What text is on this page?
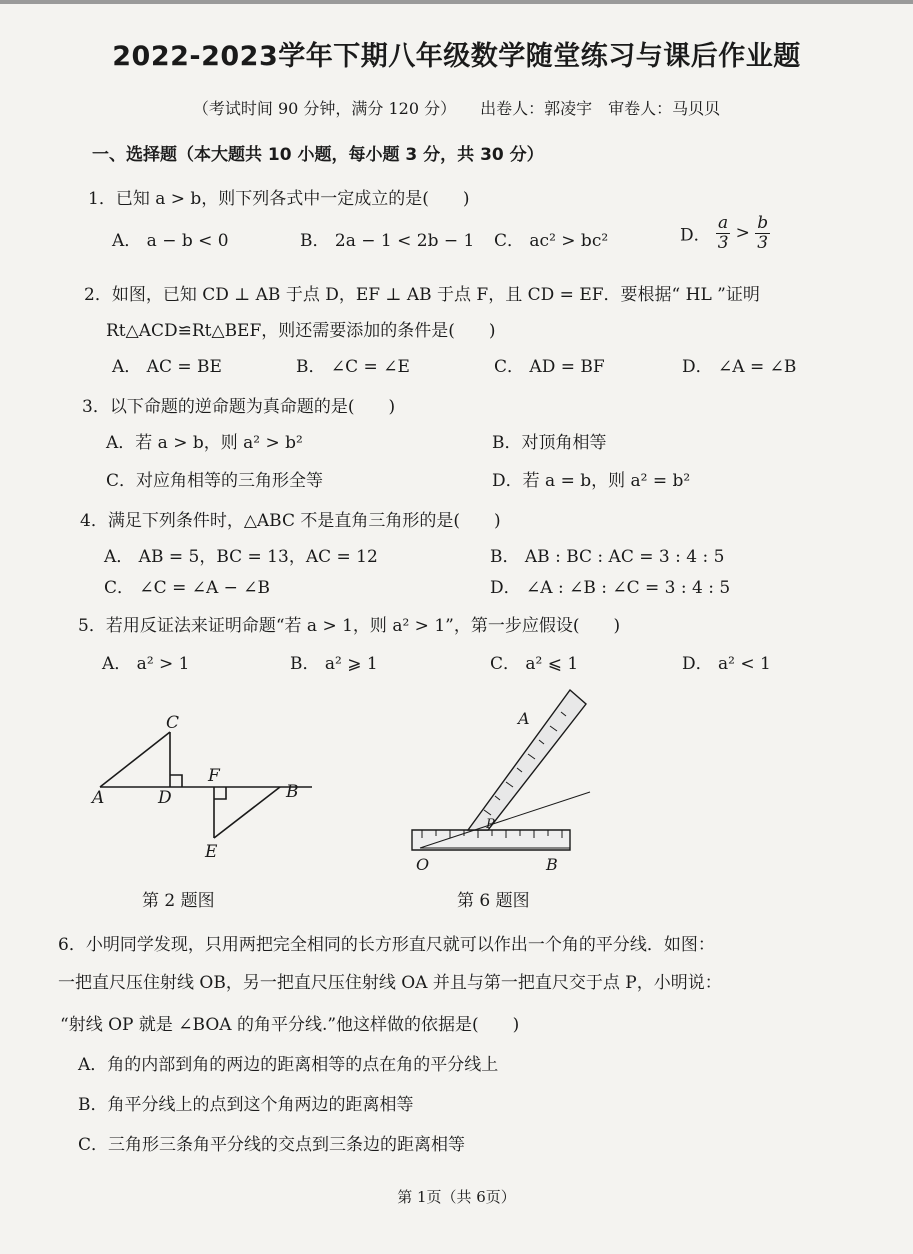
2022-2023学年下期八年级数学随堂练习与课后作业题
（考试时间 90 分钟，满分 120 分）　　出卷人：郭凌宇　审卷人：马贝贝
一、选择题（本大题共 10 小题，每小题 3 分，共 30 分）
1．已知 a > b，则下列各式中一定成立的是(　　)
A． a − b < 0	B． 2a − 1 < 2b − 1 C． ac² > bc²	D． $\frac{a}{3} > \frac{b}{3}$
2．如图，已知 CD ⊥ AB 于点 D，EF ⊥ AB 于点 F，且 CD = EF．要根据“ HL ”证明
Rt△ACD≌Rt△BEF，则还需要添加的条件是(　　)
A． AC = BE	B． ∠C = ∠E	C． AD = BF	D． ∠A = ∠B
3．以下命题的逆命题为真命题的是(　　)
A．若 a > b，则 a² > b²	B．对顶角相等
C．对应角相等的三角形全等	D．若 a = b，则 a² = b²
4．满足下列条件时，△ABC 不是直角三角形的是(　　)
A． AB = 5，BC = 13，AC = 12	B． AB : BC : AC = 3 : 4 : 5
C． ∠C = ∠A − ∠B	D． ∠A : ∠B : ∠C = 3 : 4 : 5
5．若用反证法来证明命题“若 a > 1，则 a² > 1”，第一步应假设(　　)
A． a² > 1	B． a² ⩾ 1	C． a² ⩽ 1	D． a² < 1
C
A	D
F
B
E
第 2 题图
A
P
O	B
第 6 题图
6．小明同学发现，只用两把完全相同的长方形直尺就可以作出一个角的平分线．如图：
一把直尺压住射线 OB，另一把直尺压住射线 OA 并且与第一把直尺交于点 P，小明说：
“射线 OP 就是 ∠BOA 的角平分线.”他这样做的依据是(　　)
A．角的内部到角的两边的距离相等的点在角的平分线上
B．角平分线上的点到这个角两边的距离相等
C．三角形三条角平分线的交点到三条边的距离相等
第 1页（共 6页）
